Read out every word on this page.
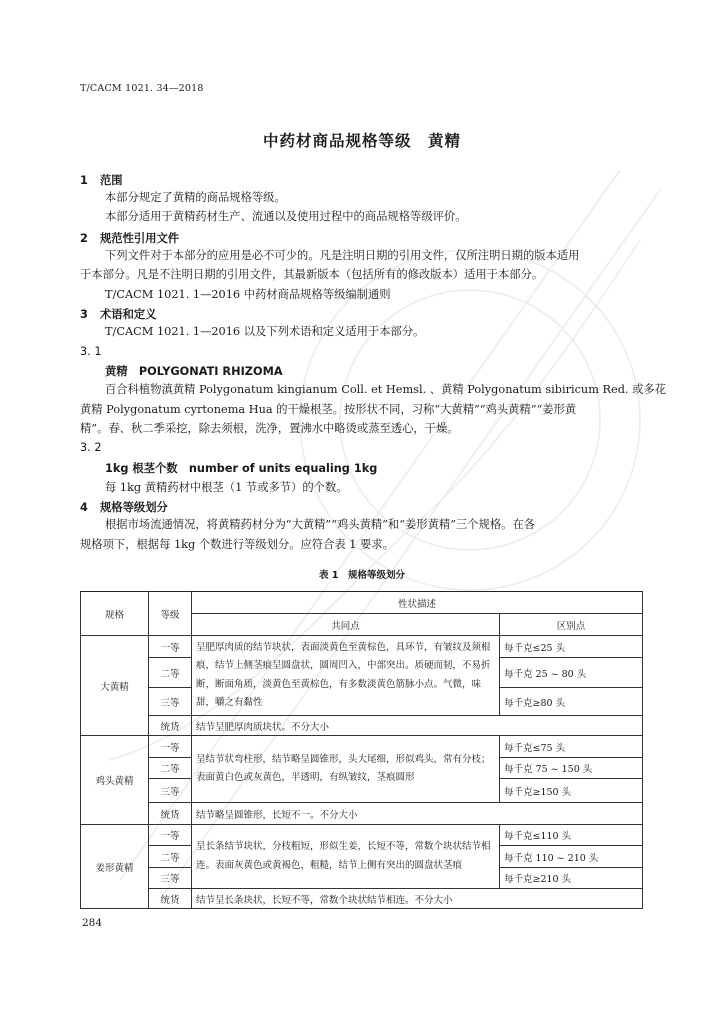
T/CACM 1021. 34—2018

中药材商品规格等级　黄精
1 范围

本部分规定了黄精的商品规格等级。

本部分适用于黄精药材生产、流通以及使用过程中的商品规格等级评价。

2 规范性引用文件

下列文件对于本部分的应用是必不可少的。凡是注明日期的引用文件，仅所注明日期的版本适用

于本部分。凡是不注明日期的引用文件，其最新版本（包括所有的修改版本）适用于本部分。

T/CACM 1021. 1—2016 中药材商品规格等级编制通则

3 术语和定义

T/CACM 1021. 1—2016 以及下列术语和定义适用于本部分。

3. 1

黄精　POLYGONATI RHIZOMA

百合科植物滇黄精 Polygonatum kingianum Coll. et Hemsl. 、黄精 Polygonatum sibiricum Red. 或多花

黄精 Polygonatum cyrtonema Hua 的干燥根茎。按形状不同，习称“大黄精”“鸡头黄精”“姜形黄

精”。春、秋二季采挖，除去须根，洗净，置沸水中略烫或蒸至透心，干燥。

3. 2

1kg 根茎个数　number of units equaling 1kg

每 1kg 黄精药材中根茎（1 节或多节）的个数。

4 规格等级划分

根据市场流通情况，将黄精药材分为“大黄精”“鸡头黄精”和“姜形黄精”三个规格。在各

规格项下，根据每 1kg 个数进行等级划分。应符合表 1 要求。

表 1　规格等级划分

规格	等级	性状描述	
		共同点	区别点
大黄精	一等	呈肥厚肉质的结节块状，表面淡黄色至黄棕色，具环节，有皱纹及须根痕，结节上侧茎痕呈圆盘状，圆周凹入，中部突出。质硬而韧，不易折断，断面角质，淡黄色至黄棕色，有多数淡黄色筋脉小点。气微，味甜，嚼之有黏性	每千克≤25 头
	二等		每千克 25 ~ 80 头
	三等		每千克≥80 头
	统货	结节呈肥厚肉质块状。不分大小	
鸡头黄精	一等	呈结节状弯柱形，结节略呈圆锥形，头大尾细，形似鸡头，常有分枝；表面黄白色或灰黄色，半透明，有纵皱纹，茎痕圆形	每千克≤75 头
	二等		每千克 75 ~ 150 头
	三等		每千克≥150 头
	统货	结节略呈圆锥形，长短不一。不分大小	
姜形黄精	一等	呈长条结节块状，分枝粗短，形似生姜，长短不等，常数个块状结节相连。表面灰黄色或黄褐色，粗糙，结节上侧有突出的圆盘状茎痕	每千克≤110 头
	二等		每千克 110 ~ 210 头
	三等		每千克≥210 头
	统货	结节呈长条块状，长短不等，常数个块状结节相连。不分大小	

284
